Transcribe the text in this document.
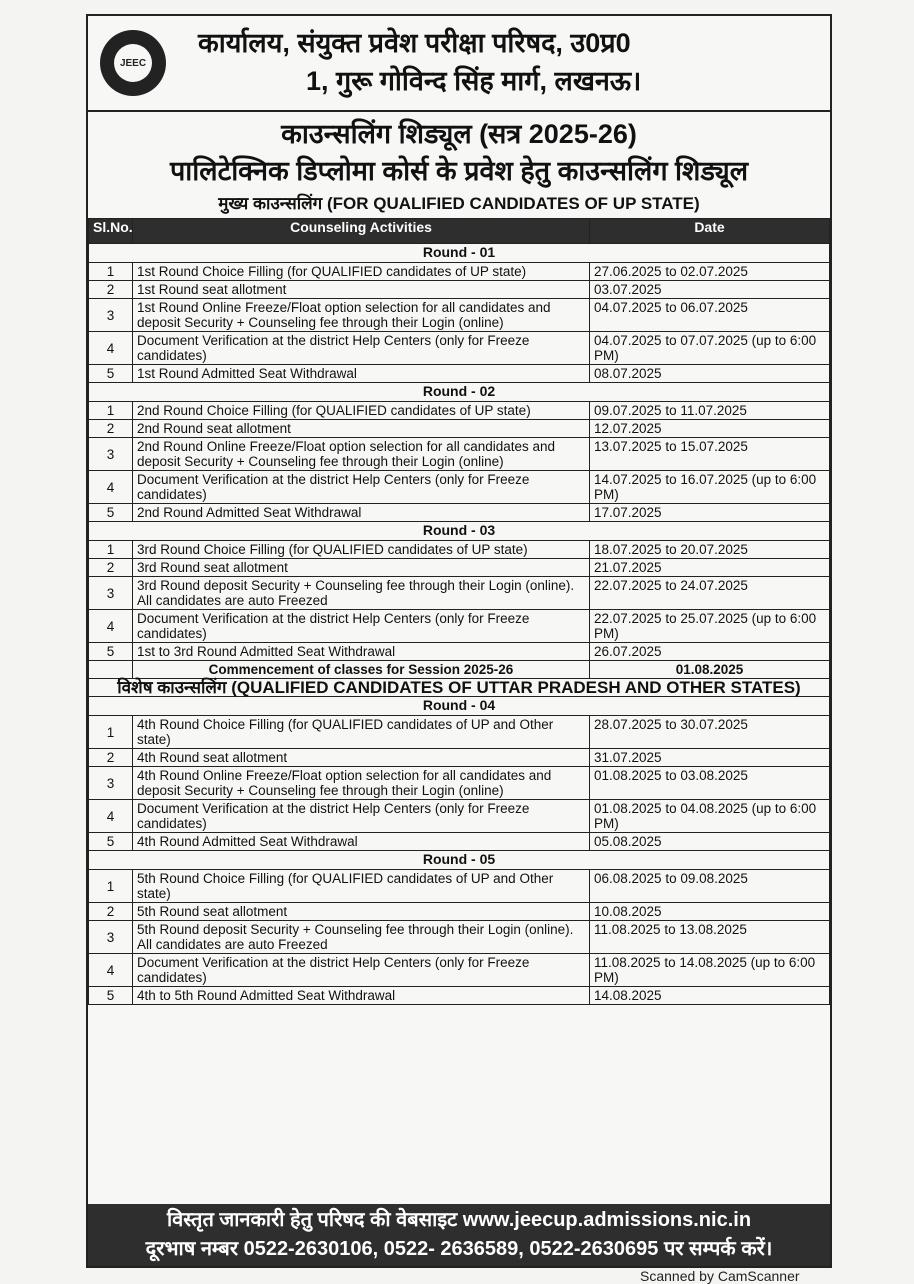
JEEC
कार्यालय, संयुक्त प्रवेश परीक्षा परिषद, उ0प्र0
1, गुरू गोविन्द सिंह मार्ग, लखनऊ।
काउन्सलिंग शिड्यूल (सत्र 2025-26)
पालिटेक्निक डिप्लोमा कोर्स के प्रवेश हेतु काउन्सलिंग शिड्यूल
मुख्य काउन्सलिंग (FOR QUALIFIED CANDIDATES OF UP STATE)
Sl.No.	Counseling Activities	Date
Round - 01		
1	1st Round Choice Filling (for QUALIFIED candidates of UP state)	27.06.2025 to 02.07.2025
2	1st Round seat allotment	03.07.2025
3	1st Round Online Freeze/Float option selection for all candidates and deposit Security + Counseling fee through their Login (online)	04.07.2025 to 06.07.2025
4	Document Verification at the district Help Centers (only for Freeze candidates)	04.07.2025 to 07.07.2025 (up to 6:00 PM)
5	1st Round Admitted Seat Withdrawal	08.07.2025
Round - 02		
1	2nd Round Choice Filling (for QUALIFIED candidates of UP state)	09.07.2025 to 11.07.2025
2	2nd Round seat allotment	12.07.2025
3	2nd Round Online Freeze/Float option selection for all candidates and deposit Security + Counseling fee through their Login (online)	13.07.2025 to 15.07.2025
4	Document Verification at the district Help Centers (only for Freeze candidates)	14.07.2025 to 16.07.2025 (up to 6:00 PM)
5	2nd Round Admitted Seat Withdrawal	17.07.2025
Round - 03		
1	3rd Round Choice Filling (for QUALIFIED candidates of UP state)	18.07.2025 to 20.07.2025
2	3rd Round seat allotment	21.07.2025
3	3rd Round deposit Security + Counseling fee through their Login (online). All candidates are auto Freezed	22.07.2025 to 24.07.2025
4	Document Verification at the district Help Centers (only for Freeze candidates)	22.07.2025 to 25.07.2025 (up to 6:00 PM)
5	1st to 3rd Round Admitted Seat Withdrawal	26.07.2025
	Commencement of classes for Session 2025-26	01.08.2025
विशेष काउन्सलिंग (QUALIFIED CANDIDATES OF UTTAR PRADESH AND OTHER STATES)		
Round - 04		
1	4th Round Choice Filling (for QUALIFIED candidates of UP and Other state)	28.07.2025 to 30.07.2025
2	4th Round seat allotment	31.07.2025
3	4th Round Online Freeze/Float option selection for all candidates and deposit Security + Counseling fee through their Login (online)	01.08.2025 to 03.08.2025
4	Document Verification at the district Help Centers (only for Freeze candidates)	01.08.2025 to 04.08.2025 (up to 6:00 PM)
5	4th Round Admitted Seat Withdrawal	05.08.2025
Round - 05		
1	5th Round Choice Filling (for QUALIFIED candidates of UP and Other state)	06.08.2025 to 09.08.2025
2	5th Round seat allotment	10.08.2025
3	5th Round deposit Security + Counseling fee through their Login (online). All candidates are auto Freezed	11.08.2025 to 13.08.2025
4	Document Verification at the district Help Centers (only for Freeze candidates)	11.08.2025 to 14.08.2025 (up to 6:00 PM)
5	4th to 5th Round Admitted Seat Withdrawal	14.08.2025
विस्तृत जानकारी हेतु परिषद की वेबसाइट www.jeecup.admissions.nic.in
दूरभाष नम्बर 0522-2630106, 0522- 2636589, 0522-2630695 पर सम्पर्क करें।
Scanned by CamScanner
